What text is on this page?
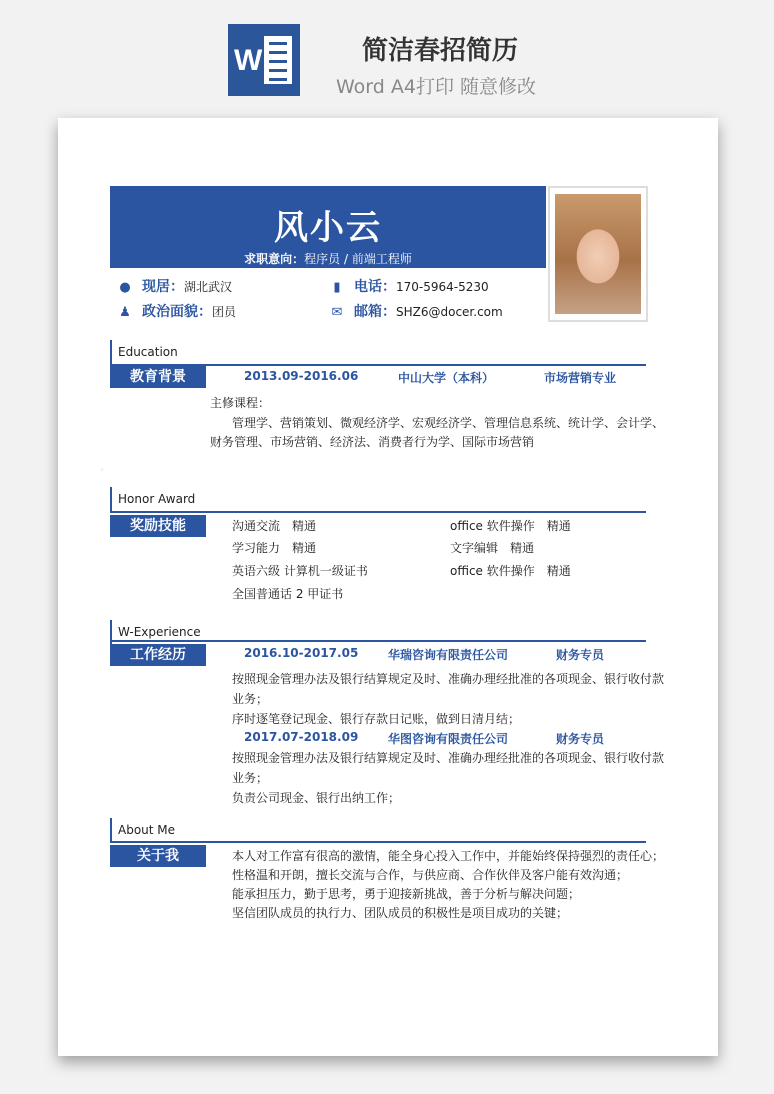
W	简洁春招简历
Word A4打印 随意修改
·
风小云
求职意向：程序员 / 前端工程师
● 现居：湖北武汉	▮ 电话：170-5964-5230
♟ 政治面貌：团员	✉ 邮箱：SHZ6@docer.com
Education
教育背景	2013.09-2016.06	中山大学（本科）	市场营销专业
主修课程：
管理学、营销策划、微观经济学、宏观经济学、管理信息系统、统计学、会计学、
财务管理、市场营销、经济法、消费者行为学、国际市场营销
Honor Award
奖励技能	沟通交流　精通	office 软件操作　精通
学习能力　精通	文字编辑　精通
英语六级 计算机一级证书	office 软件操作　精通
全国普通话 2 甲证书
W-Experience
工作经历	2016.10-2017.05 华瑞咨询有限责任公司	财务专员
按照现金管理办法及银行结算规定及时、准确办理经批准的各项现金、银行收付款
业务；
序时逐笔登记现金、银行存款日记账，做到日清月结；
2017.07-2018.09 华图咨询有限责任公司	财务专员
按照现金管理办法及银行结算规定及时、准确办理经批准的各项现金、银行收付款
业务；
负责公司现金、银行出纳工作；
About Me
关于我	本人对工作富有很高的激情，能全身心投入工作中，并能始终保持强烈的责任心；
性格温和开朗，擅长交流与合作，与供应商、合作伙伴及客户能有效沟通；
能承担压力，勤于思考，勇于迎接新挑战，善于分析与解决问题；
坚信团队成员的执行力、团队成员的积极性是项目成功的关键；
